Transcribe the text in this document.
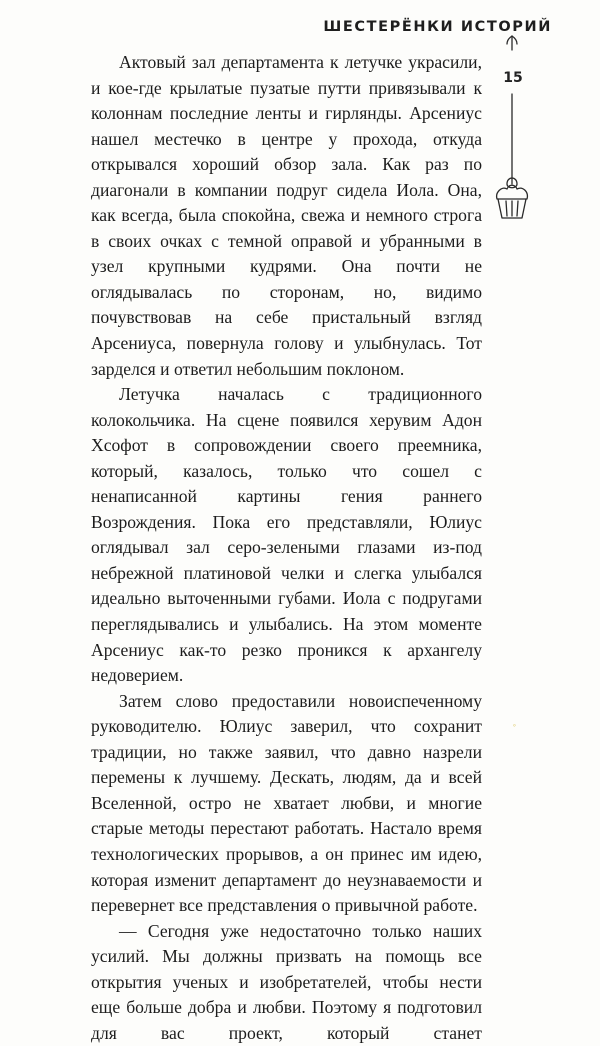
ШЕСТЕРЁНКИ ИСТОРИЙ
15

Актовый зал департамента к летучке украсили, и кое-где крылатые пузатые путти привязывали к колоннам последние ленты и гирлянды. Арсениус нашел местечко в центре у прохода, откуда открывался хороший обзор зала. Как раз по диагонали в компании подруг сидела Иола. Она, как всегда, была спокойна, свежа и немного строга в своих очках с темной оправой и убранными в узел крупными кудрями. Она почти не оглядывалась по сторонам, но, видимо почувствовав на себе пристальный взгляд Арсениуса, повернула голову и улыбнулась. Тот зарделся и ответил небольшим поклоном.

Летучка началась с традиционного колокольчика. На сцене появился херувим Адон Хсофот в сопровождении своего преемника, который, казалось, только что сошел с ненаписанной картины гения раннего Возрождения. Пока его представляли, Юлиус оглядывал зал серо-зелеными глазами из-под небрежной платиновой челки и слегка улыбался идеально выточенными губами. Иола с подругами переглядывались и улыбались. На этом моменте Арсениус как-то резко проникся к архангелу недоверием.

Затем слово предоставили новоиспеченному руководителю. Юлиус заверил, что сохранит традиции, но также заявил, что давно назрели перемены к лучшему. Дескать, людям, да и всей Вселенной, остро не хватает любви, и многие старые методы перестают работать. Настало время технологических прорывов, а он принес им идею, которая изменит департамент до неузнаваемости и перевернет все представления о привычной работе.

— Сегодня уже недостаточно только наших усилий. Мы должны призвать на помощь все открытия ученых и изобретателей, чтобы нести еще больше добра и любви. Поэтому я подготовил для вас проект, который станет

◦
